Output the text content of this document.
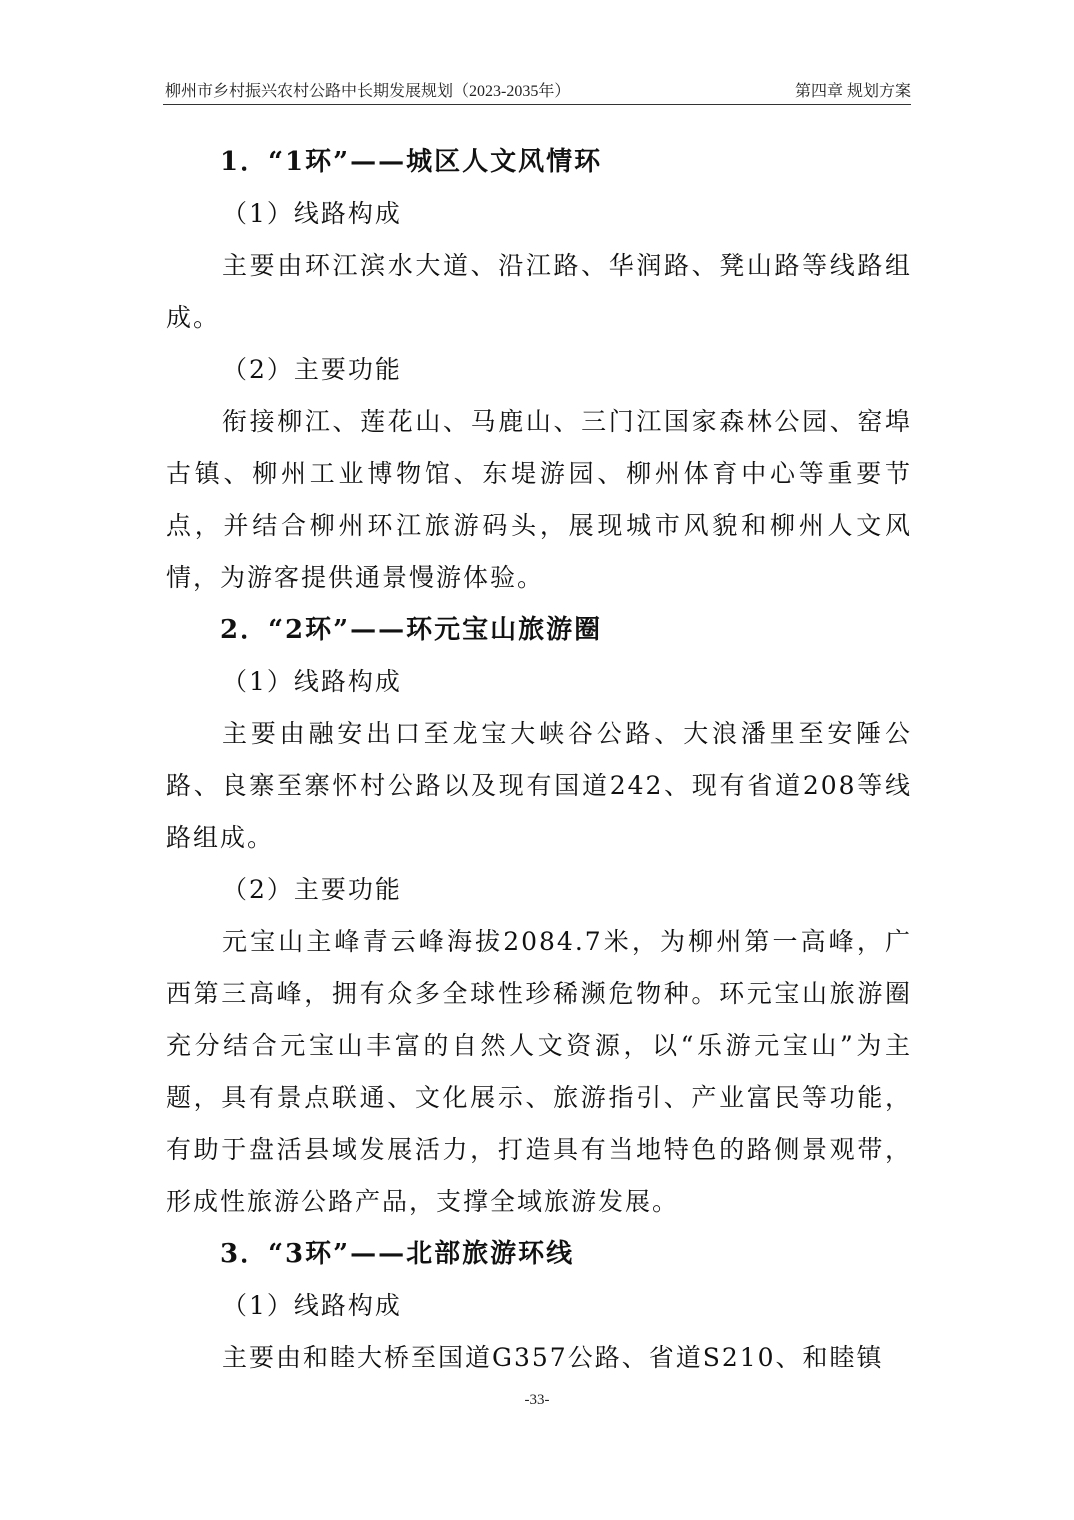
柳州市乡村振兴农村公路中长期发展规划（2023-2035年）	第四章 规划方案

1．“1环”——城区人文风情环

（1）线路构成

主要由环江滨水大道、沿江路、华润路、凳山路等线路组成。

（2）主要功能

衔接柳江、莲花山、马鹿山、三门江国家森林公园、窑埠古镇、柳州工业博物馆、东堤游园、柳州体育中心等重要节点，并结合柳州环江旅游码头，展现城市风貌和柳州人文风情，为游客提供通景慢游体验。

2．“2环”——环元宝山旅游圈

（1）线路构成

主要由融安出口至龙宝大峡谷公路、大浪潘里至安陲公路、良寨至寨怀村公路以及现有国道242、现有省道208等线路组成。

（2）主要功能

元宝山主峰青云峰海拔2084.7米，为柳州第一高峰，广西第三高峰，拥有众多全球性珍稀濒危物种。环元宝山旅游圈充分结合元宝山丰富的自然人文资源，以“乐游元宝山”为主题，具有景点联通、文化展示、旅游指引、产业富民等功能，有助于盘活县域发展活力，打造具有当地特色的路侧景观带，形成性旅游公路产品，支撑全域旅游发展。

3．“3环”——北部旅游环线

（1）线路构成

主要由和睦大桥至国道G357公路、省道S210、和睦镇

-33-
